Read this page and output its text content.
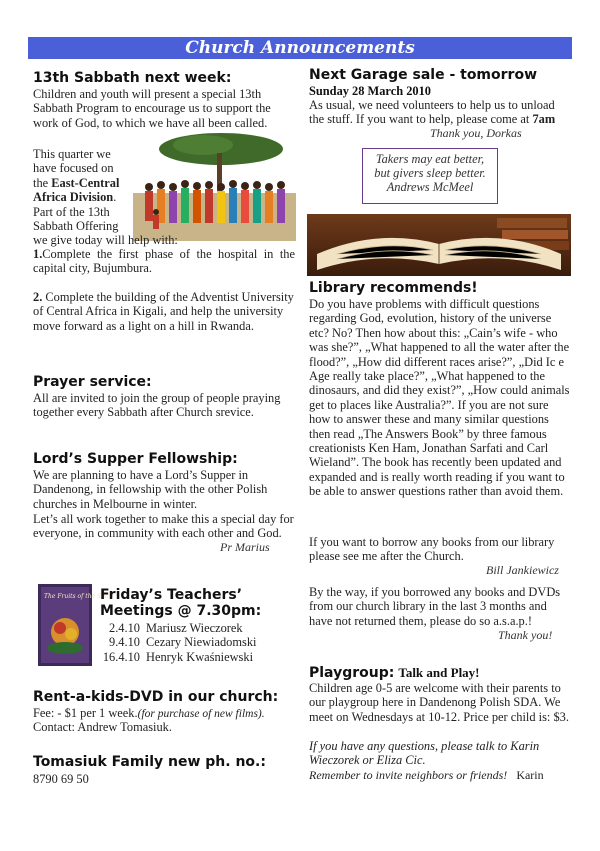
Church Announcements
13th Sabbath next week:

Children and youth will present a special 13th Sabbath Program to encourage us to support the work of God, to which we have all been called.

This quarter we
have focused on
the East-Central
Africa Division.
Part of the 13th
Sabbath Offering

we give today will help with:

1.Complete the first phase of the hospital in the capital city, Bujumbura.

2. Complete the building of the Adventist University of Central Africa in Kigali, and help the university move forward as a light on a hill in Rwanda.

Prayer service:

All are invited to join the group of people praying together every Sabbath after Church srevice.

Lord’s Supper Fellowship:

We are planning to have a Lord’s Supper in Dandenong, in fellowship with the other Polish churches in Melbourne in winter.

Let’s all work together to make this a special day for everyone, in community with each other and God.

Pr Marius
The Fruits of the Spirit
Friday’s Teachers’
Meetings @ 7.30pm:
2.4.10	Mariusz Wieczorek
9.4.10	Cezary Niewiadomski
16.4.10	Henryk Kwaśniewski
Rent-a-kids-DVD in our church:

Fee: - $1 per 1 week.(for purchase of new films).

Contact: Andrew Tomasiuk.

Tomasiuk Family new ph. no.:

8790 69 50

Next Garage sale - tomorrow
Sunday 28 March 2010

As usual, we need volunteers to help us to unload the stuff. If you want to help, please come at 7am

Thank you, Dorkas
Takers may eat better,
but givers sleep better.
Andrews McMeel
Library recommends!

Do you have problems with difficult questions regarding God, evolution, history of the universe etc? No? Then how about this: „Cain’s wife - who was she?”, „What happened to all the water after the flood?”, „How did different races arise?”, „Did Ic e Age really take place?”, „What happened to the dinosaurs, and did they exist?”, „How could animals get to places like Australia?”. If you are not sure how to answer these and many similar questions then read „The Answers Book” by three famous creationists Ken Ham, Jonathan Sarfati and Carl Wieland”. The book has recently been updated and expanded and is really worth reading if you want to be able to answer questions rather than avoid them.

If you want to borrow any books from our library please see me after the Church.

Bill Jankiewicz

By the way, if you borrowed any books and DVDs from our church library in the last 3 months and have not returned them, please do so a.s.a.p.!

Thank you!
Playgroup: Talk and Play!

Children age 0-5 are welcome with their parents to our playgroup here in Dandenong Polish SDA. We meet on Wednesdays at 10-12. Price per child is: $3.

If you have any questions, please talk to Karin Wieczorek or Eliza Cic.

Remember to invite neighbors or friends! Karin
